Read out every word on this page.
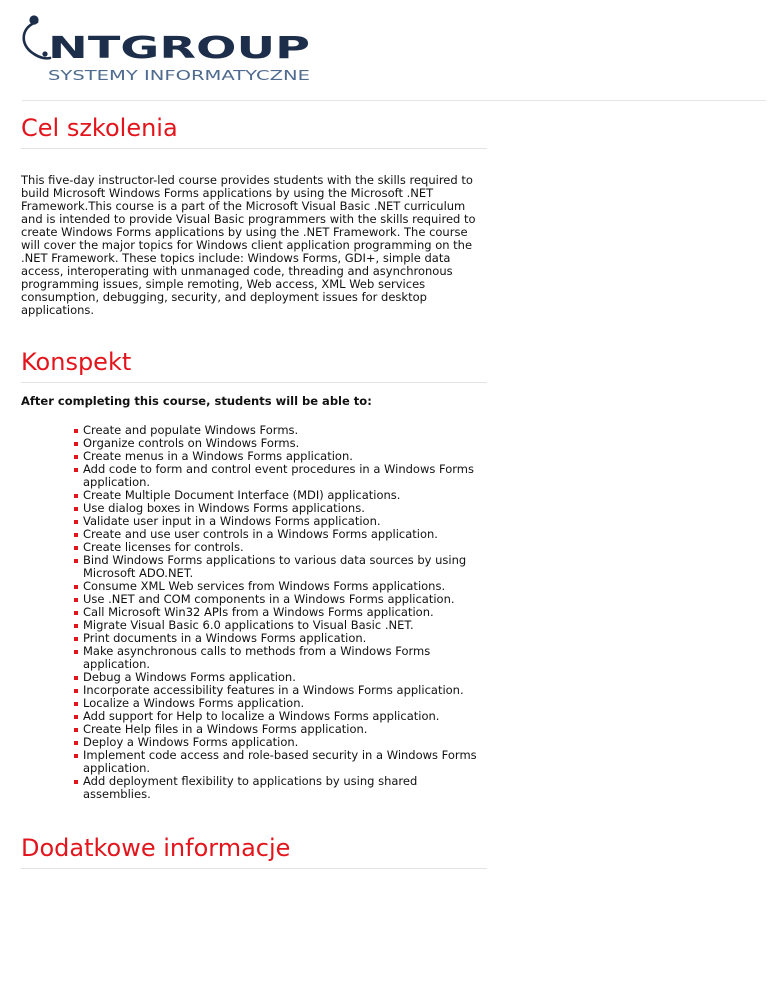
NTGROUP
SYSTEMY INFORMATYCZNE
Cel szkolenia

This five-day instructor-led course provides students with the skills required to build Microsoft Windows Forms applications by using the Microsoft .NET Framework.This course is a part of the Microsoft Visual Basic .NET curriculum and is intended to provide Visual Basic programmers with the skills required to create Windows Forms applications by using the .NET Framework. The course will cover the major topics for Windows client application programming on the .NET Framework. These topics include: Windows Forms, GDI+, simple data access, interoperating with unmanaged code, threading and asynchronous programming issues, simple remoting, Web access, XML Web services consumption, debugging, security, and deployment issues for desktop applications.

Konspekt

After completing this course, students will be able to:

Create and populate Windows Forms.
Organize controls on Windows Forms.
Create menus in a Windows Forms application.
Add code to form and control event procedures in a Windows Forms application.
Create Multiple Document Interface (MDI) applications.
Use dialog boxes in Windows Forms applications.
Validate user input in a Windows Forms application.
Create and use user controls in a Windows Forms application.
Create licenses for controls.
Bind Windows Forms applications to various data sources by using Microsoft ADO.NET.
Consume XML Web services from Windows Forms applications.
Use .NET and COM components in a Windows Forms application.
Call Microsoft Win32 APIs from a Windows Forms application.
Migrate Visual Basic 6.0 applications to Visual Basic .NET.
Print documents in a Windows Forms application.
Make asynchronous calls to methods from a Windows Forms application.
Debug a Windows Forms application.
Incorporate accessibility features in a Windows Forms application.
Localize a Windows Forms application.
Add support for Help to localize a Windows Forms application.
Create Help files in a Windows Forms application.
Deploy a Windows Forms application.
Implement code access and role-based security in a Windows Forms application.
Add deployment flexibility to applications by using shared assemblies.
Dodatkowe informacje
